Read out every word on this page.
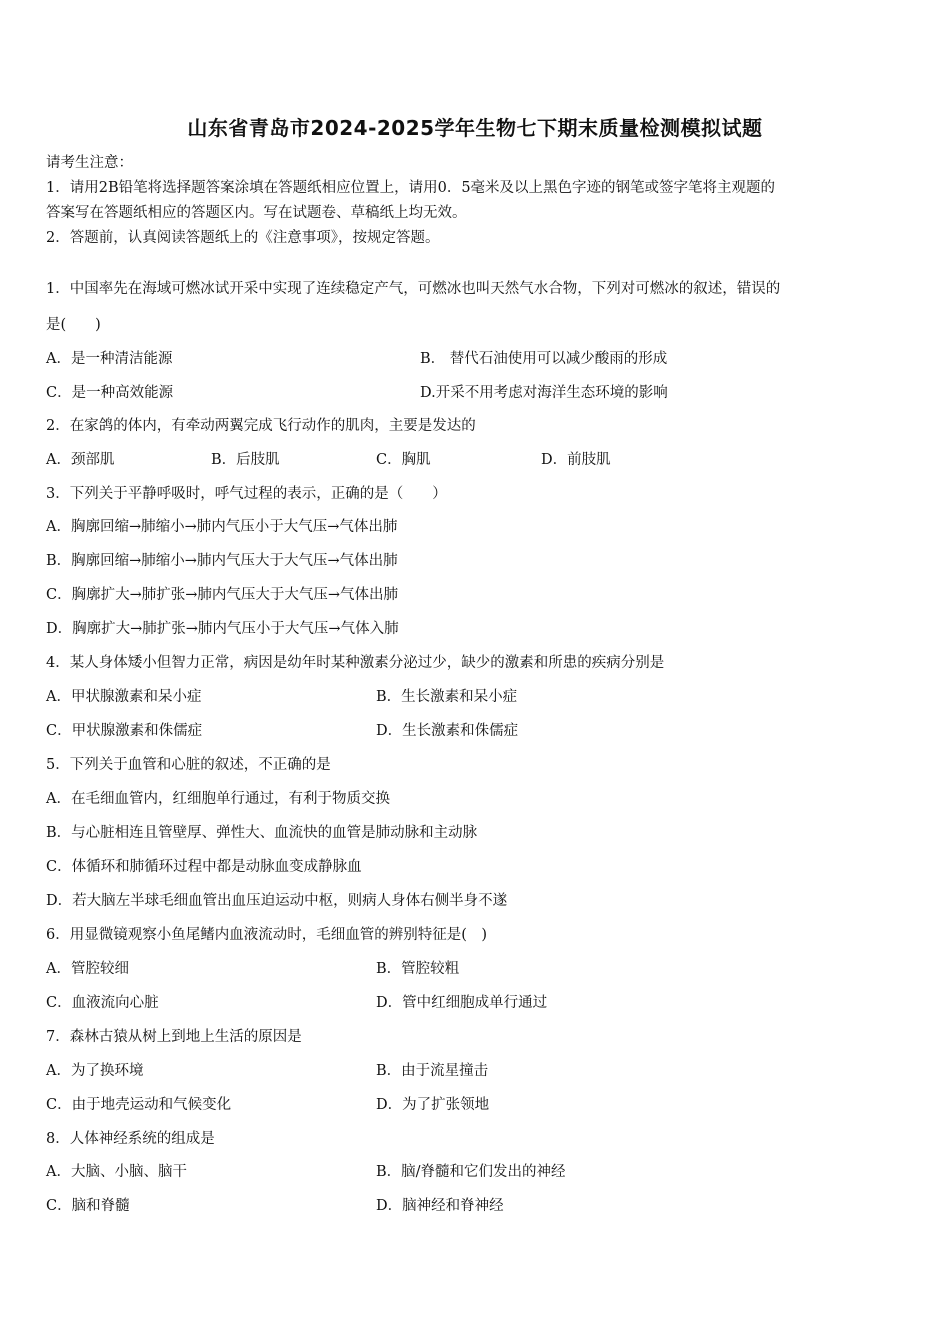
山东省青岛市2024-2025学年生物七下期末质量检测模拟试题

请考生注意：

1．请用2B铅笔将选择题答案涂填在答题纸相应位置上，请用0．5毫米及以上黑色字迹的钢笔或签字笔将主观题的

答案写在答题纸相应的答题区内。写在试题卷、草稿纸上均无效。

2．答题前，认真阅读答题纸上的《注意事项》，按规定答题。

1．中国率先在海域可燃冰试开采中实现了连续稳定产气，可燃冰也叫天然气水合物，下列对可燃冰的叙述，错误的
是(　　)
A．是一种清洁能源	B． 替代石油使用可以减少酸雨的形成
C．是一种高效能源	D.开采不用考虑对海洋生态环境的影响
2．在家鸽的体内，有牵动两翼完成飞行动作的肌肉，主要是发达的
A．颈部肌	B．后肢肌	C．胸肌	D．前肢肌
3．下列关于平静呼吸时，呼气过程的表示，正确的是（　　）
A．胸廓回缩→肺缩小→肺内气压小于大气压→气体出肺
B．胸廓回缩→肺缩小→肺内气压大于大气压→气体出肺
C．胸廓扩大→肺扩张→肺内气压大于大气压→气体出肺
D．胸廓扩大→肺扩张→肺内气压小于大气压→气体入肺
4．某人身体矮小但智力正常，病因是幼年时某种激素分泌过少，缺少的激素和所患的疾病分别是
A．甲状腺激素和呆小症	B．生长激素和呆小症
C．甲状腺激素和侏儒症	D．生长激素和侏儒症
5．下列关于血管和心脏的叙述，不正确的是
A．在毛细血管内，红细胞单行通过，有利于物质交换
B．与心脏相连且管壁厚、弹性大、血流快的血管是肺动脉和主动脉
C．体循环和肺循环过程中都是动脉血变成静脉血
D．若大脑左半球毛细血管出血压迫运动中枢，则病人身体右侧半身不遂
6．用显微镜观察小鱼尾鳍内血液流动时，毛细血管的辨别特征是(　)
A．管腔较细	B．管腔较粗
C．血液流向心脏	D．管中红细胞成单行通过
7．森林古猿从树上到地上生活的原因是
A．为了换环境	B．由于流星撞击
C．由于地壳运动和气候变化	D．为了扩张领地
8．人体神经系统的组成是
A．大脑、小脑、脑干	B．脑/脊髓和它们发出的神经
C．脑和脊髓	D．脑神经和脊神经
